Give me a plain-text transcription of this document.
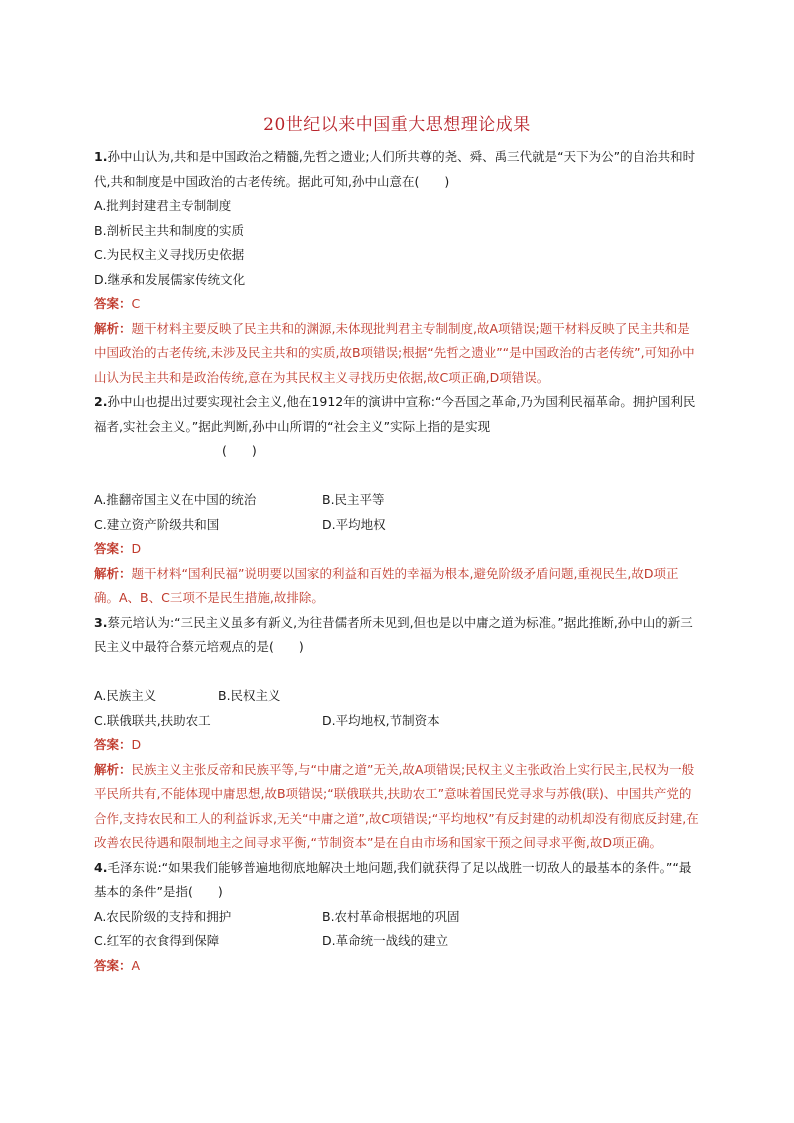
20世纪以来中国重大思想理论成果

1.孙中山认为,共和是中国政治之精髓,先哲之遗业;人们所共尊的尧、舜、禹三代就是“天下为公”的自治共和时代,共和制度是中国政治的古老传统。据此可知,孙中山意在(　　)

A.批判封建君主专制制度

B.剖析民主共和制度的实质

C.为民权主义寻找历史依据

D.继承和发展儒家传统文化

答案：C

解析：题干材料主要反映了民主共和的渊源,未体现批判君主专制制度,故A项错误;题干材料反映了民主共和是中国政治的古老传统,未涉及民主共和的实质,故B项错误;根据“先哲之遗业”“是中国政治的古老传统”,可知孙中山认为民主共和是政治传统,意在为其民权主义寻找历史依据,故C项正确,D项错误。

2.孙中山也提出过要实现社会主义,他在1912年的演讲中宣称:“今吾国之革命,乃为国利民福革命。拥护国利民福者,实社会主义。”据此判断,孙中山所谓的“社会主义”实际上指的是实现

(　　)

A.推翻帝国主义在中国的统治	B.民主平等
C.建立资产阶级共和国	D.平均地权

答案：D

解析：题干材料“国利民福”说明要以国家的利益和百姓的幸福为根本,避免阶级矛盾问题,重视民生,故D项正确。A、B、C三项不是民生措施,故排除。

3.蔡元培认为:“三民主义虽多有新义,为往昔儒者所未见到,但也是以中庸之道为标准。”据此推断,孙中山的新三民主义中最符合蔡元培观点的是(　　)

A.民族主义	B.民权主义
C.联俄联共,扶助农工	D.平均地权,节制资本

答案：D

解析：民族主义主张反帝和民族平等,与“中庸之道”无关,故A项错误;民权主义主张政治上实行民主,民权为一般平民所共有,不能体现中庸思想,故B项错误;“联俄联共,扶助农工”意味着国民党寻求与苏俄(联)、中国共产党的合作,支持农民和工人的利益诉求,无关“中庸之道”,故C项错误;“平均地权”有反封建的动机却没有彻底反封建,在改善农民待遇和限制地主之间寻求平衡,“节制资本”是在自由市场和国家干预之间寻求平衡,故D项正确。

4.毛泽东说:“如果我们能够普遍地彻底地解决土地问题,我们就获得了足以战胜一切敌人的最基本的条件。”“最基本的条件”是指(　　)

A.农民阶级的支持和拥护	B.农村革命根据地的巩固
C.红军的衣食得到保障	D.革命统一战线的建立

答案：A
